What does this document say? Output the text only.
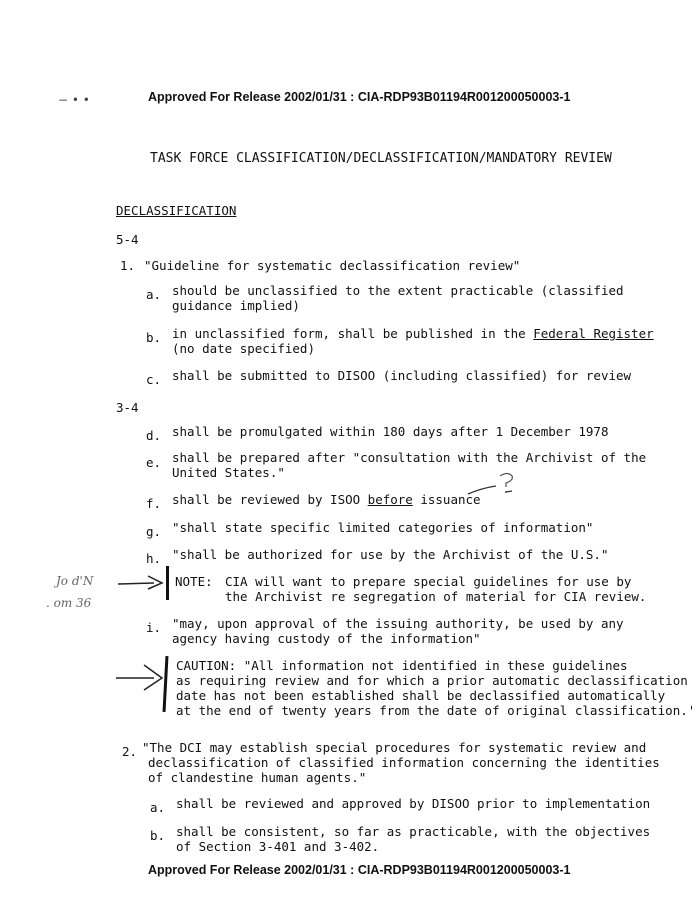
− • •	Approved For Release 2002/01/31 : CIA-RDP93B01194R001200050003-1
TASK FORCE CLASSIFICATION/DECLASSIFICATION/MANDATORY REVIEW
DECLASSIFICATION
5-4
1. "Guideline for systematic declassification review"
a. should be unclassified to the extent practicable (classified
guidance implied)
b. in unclassified form, shall be published in the Federal Register
(no date specified)
c. shall be submitted to DISOO (including classified) for review
3-4
d. shall be promulgated within 180 days after 1 December 1978
e. shall be prepared after "consultation with the Archivist of the
United States."
f. shall be reviewed by ISOO before issuance
g. "shall state specific limited categories of information"
h. "shall be authorized for use by the Archivist of the U.S."
Jo d'N
. om 36
NOTE: CIA will want to prepare special guidelines for use by
the Archivist re segregation of material for CIA review.
i. "may, upon approval of the issuing authority, be used by any
agency having custody of the information"
CAUTION: "All information not identified in these guidelines
as requiring review and for which a prior automatic declassification
date has not been established shall be declassified automatically
at the end of twenty years from the date of original classification.'
2. "The DCI may establish special procedures for systematic review and
declassification of classified information concerning the identities
of clandestine human agents."
a. shall be reviewed and approved by DISOO prior to implementation
b. shall be consistent, so far as practicable, with the objectives
of Section 3-401 and 3-402.
Approved For Release 2002/01/31 : CIA-RDP93B01194R001200050003-1
